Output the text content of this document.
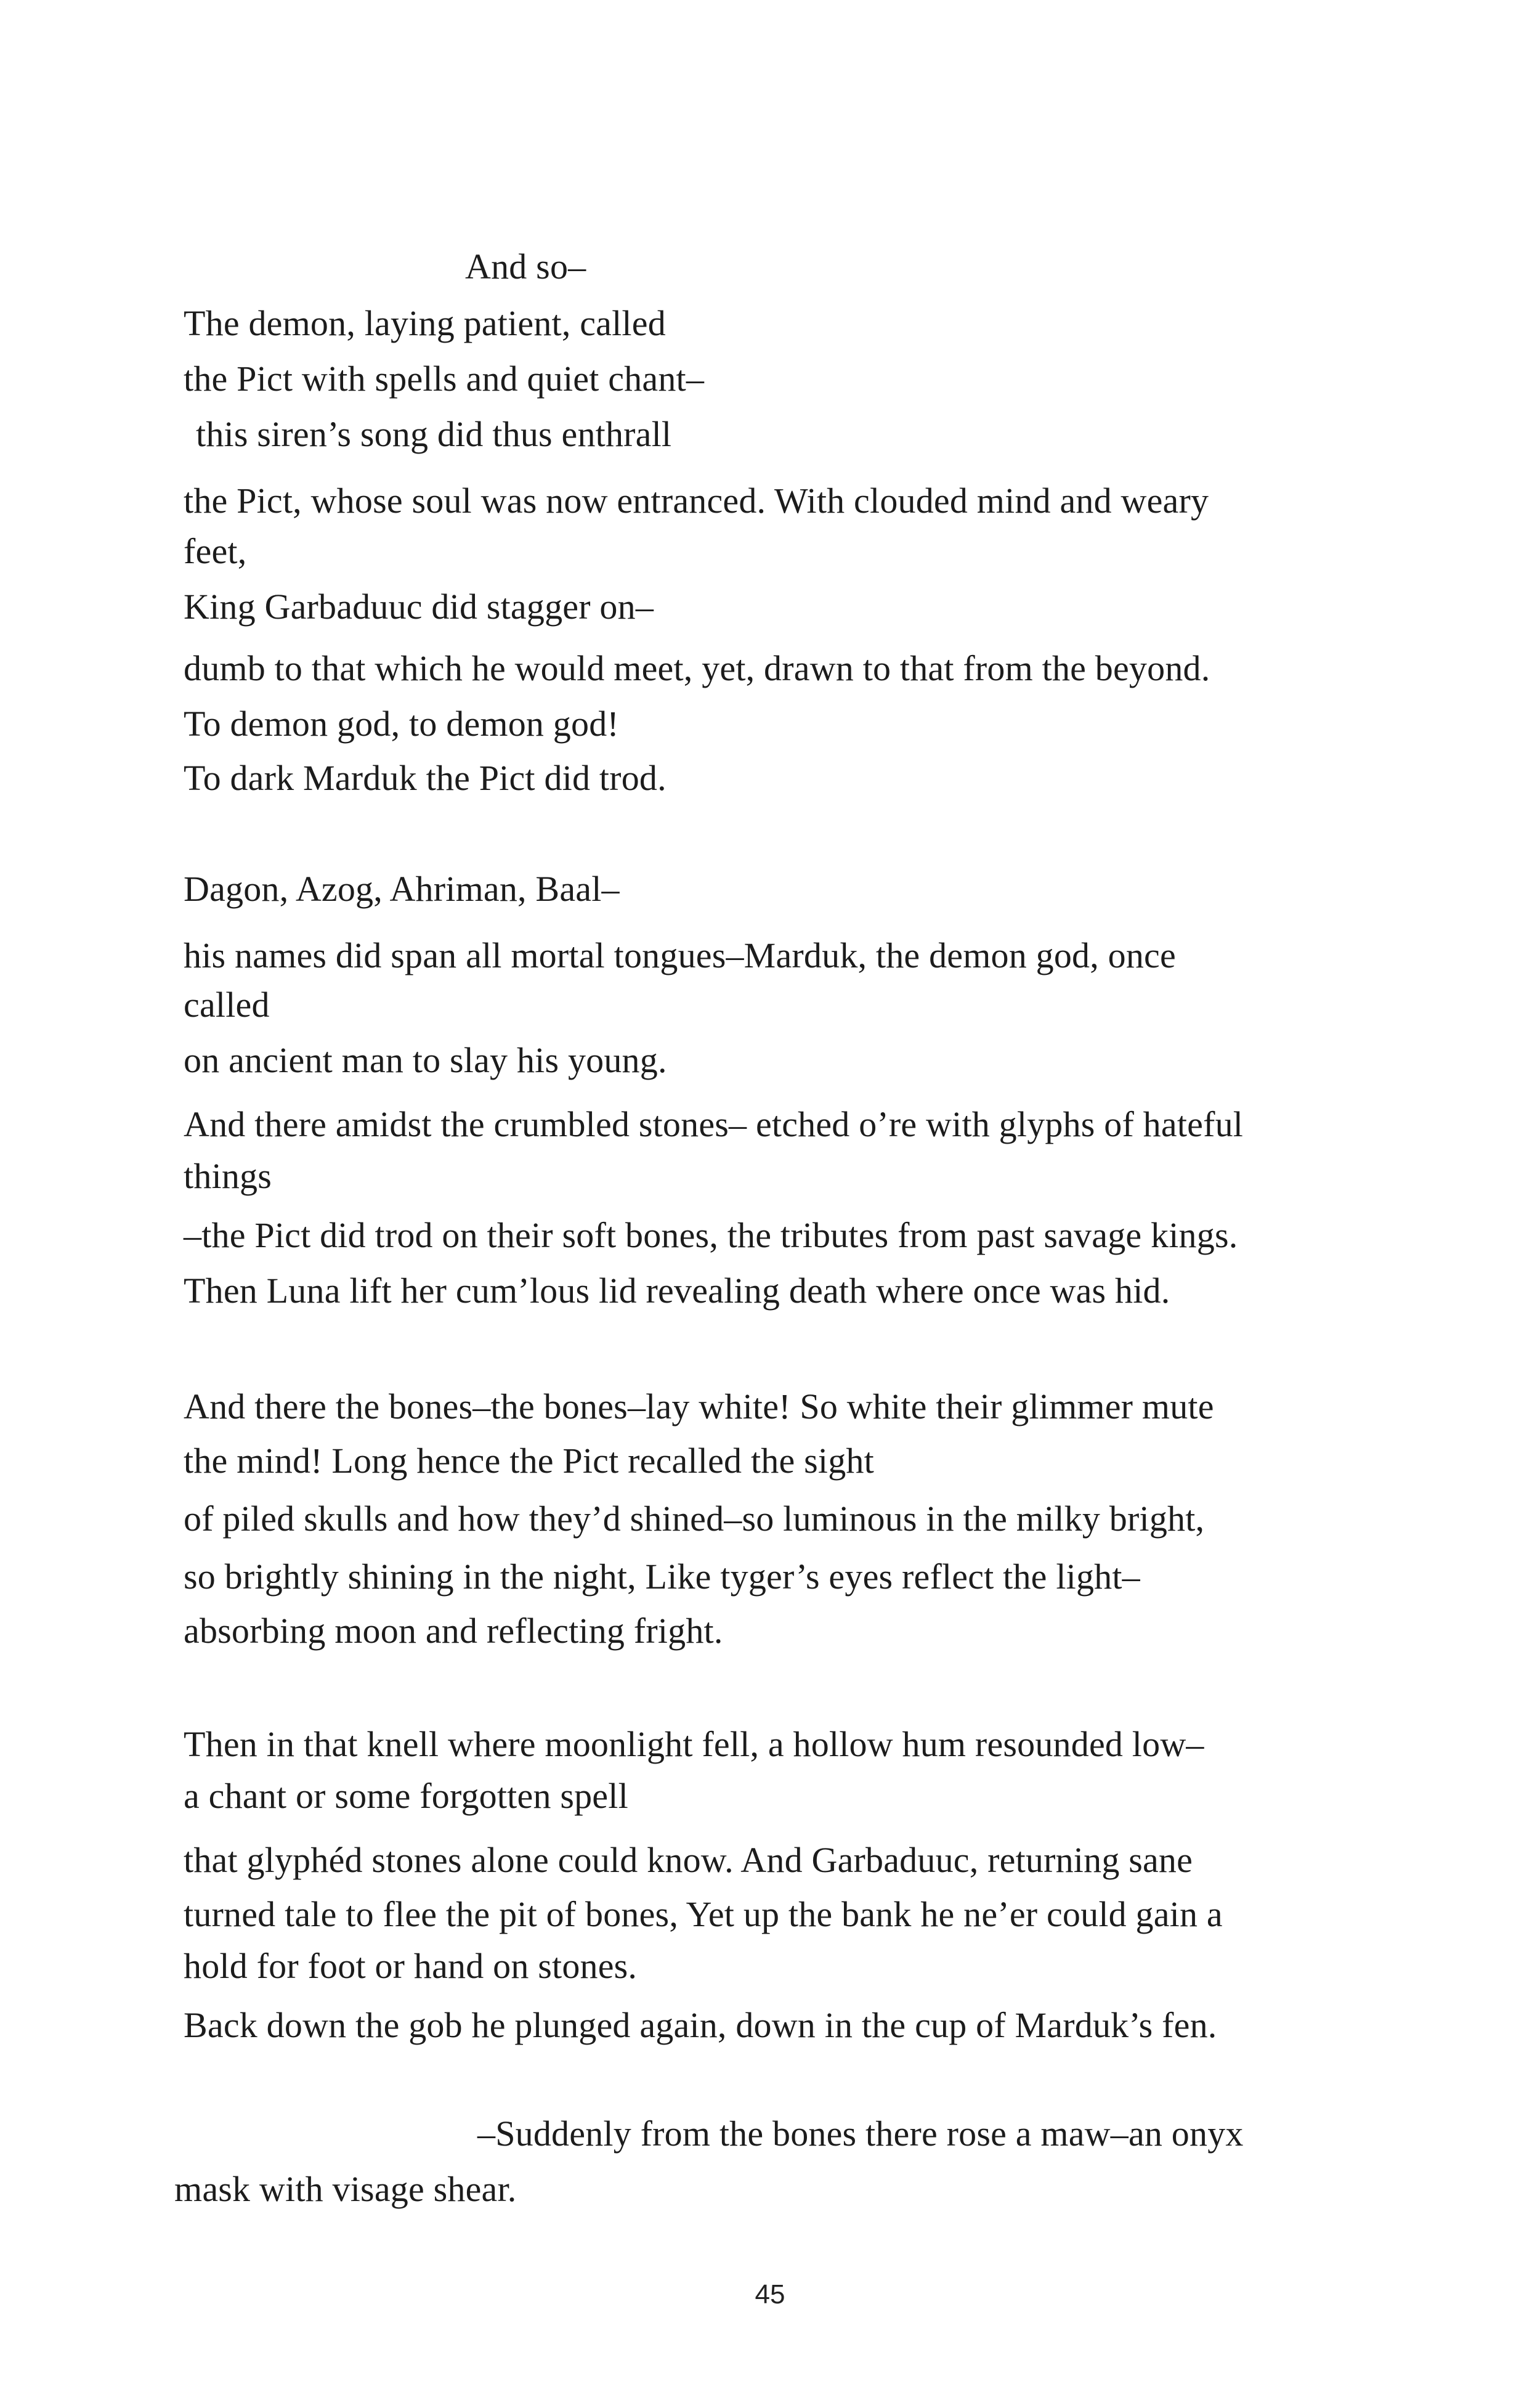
And so–
The demon, laying patient, called
the Pict with spells and quiet chant–
this siren’s song did thus enthrall
the Pict, whose soul was now entranced. With clouded mind and weary
feet,
King Garbaduuc did stagger on–
dumb to that which he would meet, yet, drawn to that from the beyond.
To demon god, to demon god!
To dark Marduk the Pict did trod.
Dagon, Azog, Ahriman, Baal–
his names did span all mortal tongues–Marduk, the demon god, once
called
on ancient man to slay his young.
And there amidst the crumbled stones– etched o’re with glyphs of hateful
things
–the Pict did trod on their soft bones, the tributes from past savage kings.
Then Luna lift her cum’lous lid revealing death where once was hid.
And there the bones–the bones–lay white! So white their glimmer mute
the mind! Long hence the Pict recalled the sight
of piled skulls and how they’d shined–so luminous in the milky bright,
so brightly shining in the night, Like tyger’s eyes reflect the light–
absorbing moon and reflecting fright.
Then in that knell where moonlight fell, a hollow hum resounded low–
a chant or some forgotten spell
that glyphéd stones alone could know. And Garbaduuc, returning sane
turned tale to flee the pit of bones, Yet up the bank he ne’er could gain a
hold for foot or hand on stones.
Back down the gob he plunged again, down in the cup of Marduk’s fen.
–Suddenly from the bones there rose a maw–an onyx
mask with visage shear.
45
